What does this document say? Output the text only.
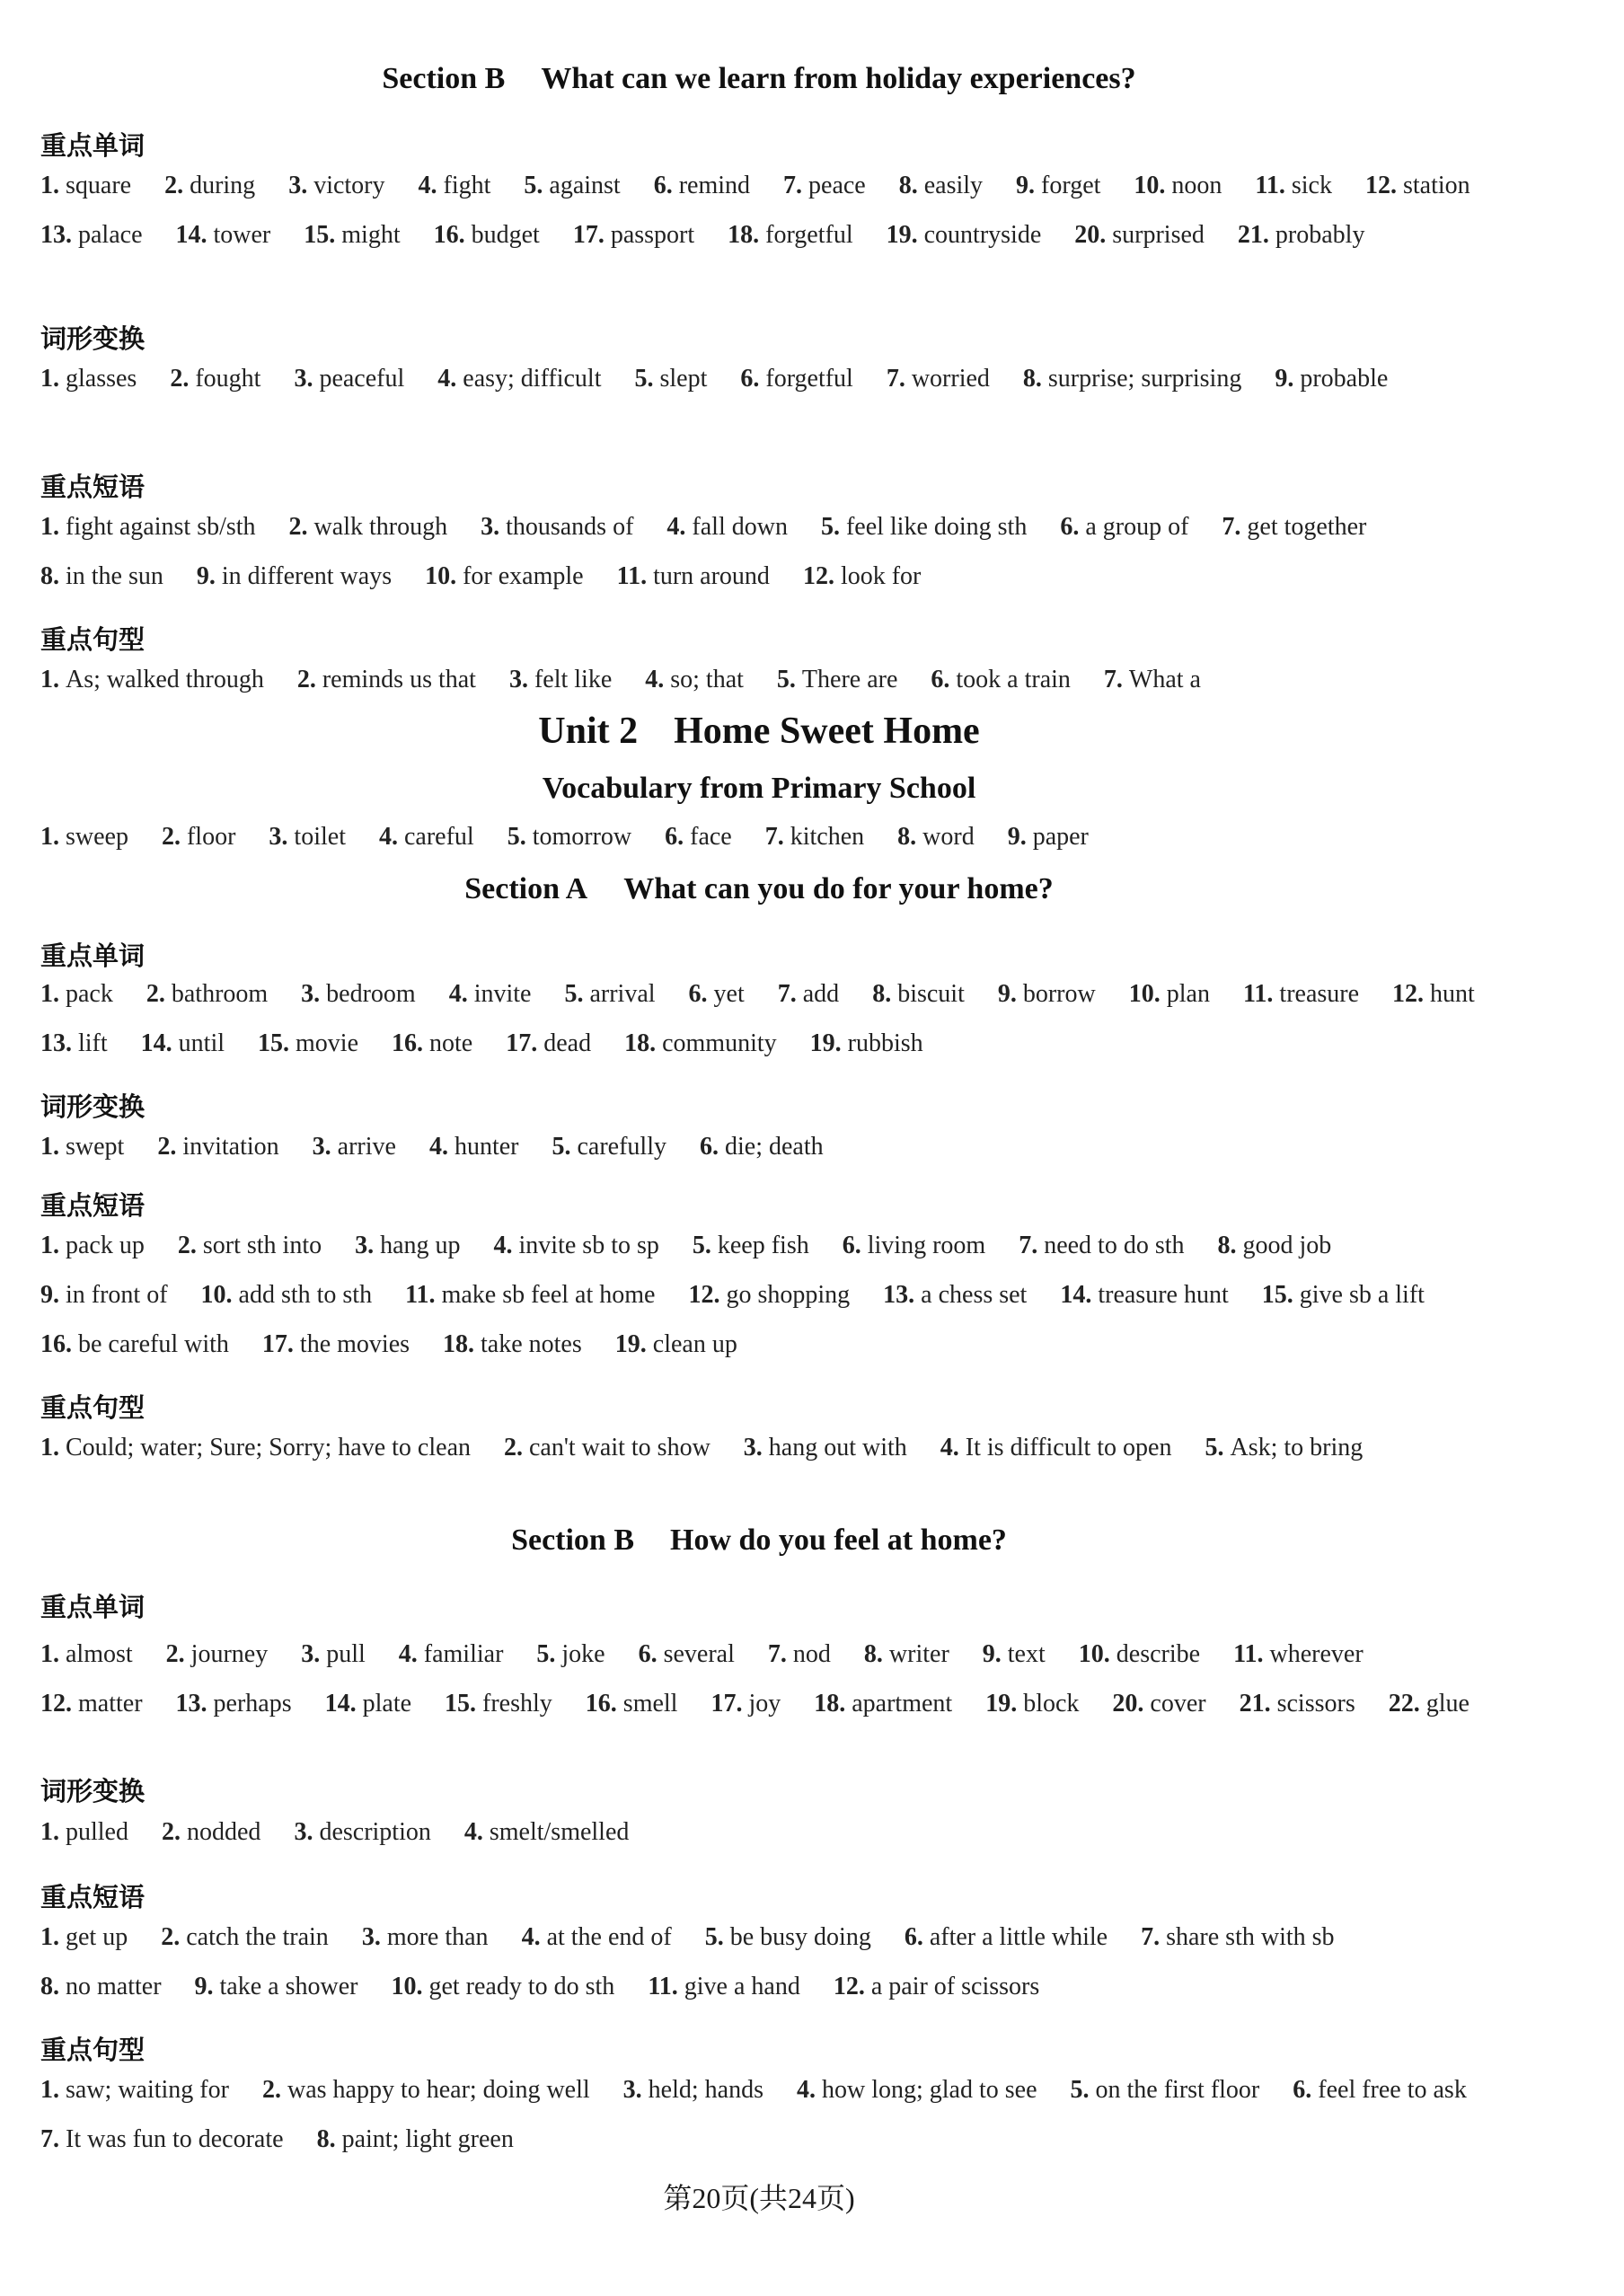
Section B What can we learn from holiday experiences?
重点单词
1. square 2. during 3. victory 4. fight 5. against 6. remind 7. peace 8. easily 9. forget 10. noon 11. sick 12. station 13. palace 14. tower 15. might 16. budget 17. passport 18. forgetful 19. countryside 20. surprised 21. probably
词形变换
1. glasses 2. fought 3. peaceful 4. easy; difficult 5. slept 6. forgetful 7. worried 8. surprise; surprising 9. probable
重点短语
1. fight against sb/sth 2. walk through 3. thousands of 4. fall down 5. feel like doing sth 6. a group of 7. get together 8. in the sun 9. in different ways 10. for example 11. turn around 12. look for
重点句型
1. As; walked through 2. reminds us that 3. felt like 4. so; that 5. There are 6. took a train 7. What a
Unit 2 Home Sweet Home
Vocabulary from Primary School
1. sweep 2. floor 3. toilet 4. careful 5. tomorrow 6. face 7. kitchen 8. word 9. paper
Section A What can you do for your home?
重点单词
1. pack 2. bathroom 3. bedroom 4. invite 5. arrival 6. yet 7. add 8. biscuit 9. borrow 10. plan 11. treasure 12. hunt 13. lift 14. until 15. movie 16. note 17. dead 18. community 19. rubbish
词形变换
1. swept 2. invitation 3. arrive 4. hunter 5. carefully 6. die; death
重点短语
1. pack up 2. sort sth into 3. hang up 4. invite sb to sp 5. keep fish 6. living room 7. need to do sth 8. good job 9. in front of 10. add sth to sth 11. make sb feel at home 12. go shopping 13. a chess set 14. treasure hunt 15. give sb a lift 16. be careful with 17. the movies 18. take notes 19. clean up
重点句型
1. Could; water; Sure; Sorry; have to clean 2. can't wait to show 3. hang out with 4. It is difficult to open 5. Ask; to bring
Section B How do you feel at home?
重点单词
1. almost 2. journey 3. pull 4. familiar 5. joke 6. several 7. nod 8. writer 9. text 10. describe 11. wherever 12. matter 13. perhaps 14. plate 15. freshly 16. smell 17. joy 18. apartment 19. block 20. cover 21. scissors 22. glue
词形变换
1. pulled 2. nodded 3. description 4. smelt/smelled
重点短语
1. get up 2. catch the train 3. more than 4. at the end of 5. be busy doing 6. after a little while 7. share sth with sb 8. no matter 9. take a shower 10. get ready to do sth 11. give a hand 12. a pair of scissors
重点句型
1. saw; waiting for 2. was happy to hear; doing well 3. held; hands 4. how long; glad to see 5. on the first floor 6. feel free to ask 7. It was fun to decorate 8. paint; light green
第20页(共24页)
